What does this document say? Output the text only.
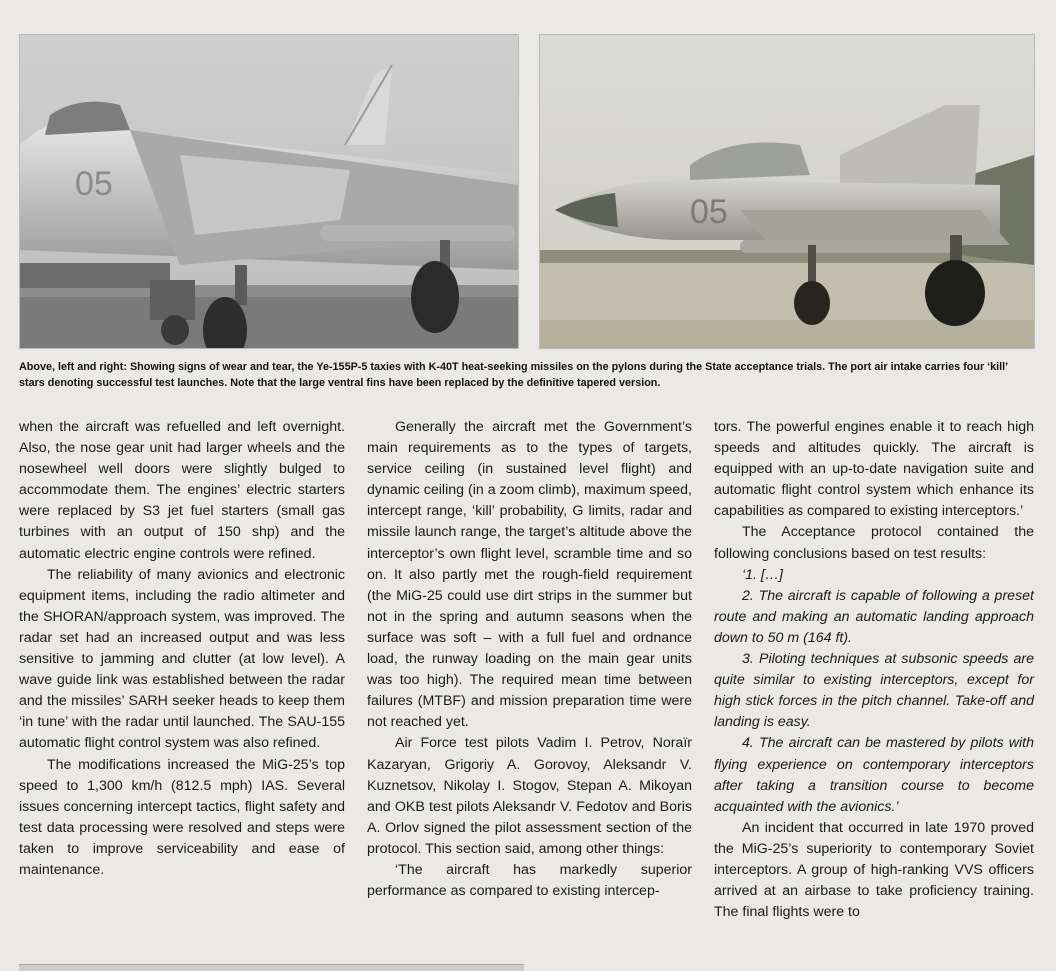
05
05
Above, left and right: Showing signs of wear and tear, the Ye-155P-5 taxies with K-40T heat-seeking missiles on the pylons during the State acceptance trials. The port air intake carries four ‘kill’ stars denoting successful test launches. Note that the large ventral fins have been replaced by the definitive tapered version.

when the aircraft was refuelled and left overnight. Also, the nose gear unit had larger wheels and the nosewheel well doors were slightly bulged to accommodate them. The engines’ electric starters were replaced by S3 jet fuel starters (small gas turbines with an output of 150 shp) and the automatic electric engine controls were refined.

The reliability of many avionics and electronic equipment items, including the radio altimeter and the SHORAN/approach system, was improved. The radar set had an increased output and was less sensitive to jamming and clutter (at low level). A wave guide link was established between the radar and the missiles’ SARH seeker heads to keep them ‘in tune’ with the radar until launched. The SAU-155 automatic flight control system was also refined.

The modifications increased the MiG-25’s top speed to 1,300 km/h (812.5 mph) IAS. Several issues concerning intercept tactics, flight safety and test data processing were resolved and steps were taken to improve serviceability and ease of maintenance.

Generally the aircraft met the Government’s main requirements as to the types of targets, service ceiling (in sustained level flight) and dynamic ceiling (in a zoom climb), maximum speed, intercept range, ‘kill’ probability, G limits, radar and missile launch range, the target’s altitude above the interceptor’s own flight level, scramble time and so on. It also partly met the rough-field requirement (the MiG-25 could use dirt strips in the summer but not in the spring and autumn seasons when the surface was soft – with a full fuel and ordnance load, the runway loading on the main gear units was too high). The required mean time between failures (MTBF) and mission preparation time were not reached yet.

Air Force test pilots Vadim I. Petrov, Noraïr Kazaryan, Grigoriy A. Gorovoy, Aleksandr V. Kuznetsov, Nikolay I. Stogov, Stepan A. Mikoyan and OKB test pilots Aleksandr V. Fedotov and Boris A. Orlov signed the pilot assessment section of the protocol. This section said, among other things:

‘The aircraft has markedly superior performance as compared to existing intercep-

tors. The powerful engines enable it to reach high speeds and altitudes quickly. The aircraft is equipped with an up-to-date navigation suite and automatic flight control system which enhance its capabilities as compared to existing interceptors.’

The Acceptance protocol contained the following conclusions based on test results:

‘1. […]

2. The aircraft is capable of following a preset route and making an automatic landing approach down to 50 m (164 ft).

3. Piloting techniques at subsonic speeds are quite similar to existing interceptors, except for high stick forces in the pitch channel. Take-off and landing is easy.

4. The aircraft can be mastered by pilots with flying experience on contemporary interceptors after taking a transition course to become acquainted with the avionics.’

An incident that occurred in late 1970 proved the MiG-25’s superiority to contemporary Soviet interceptors. A group of high-ranking VVS officers arrived at an airbase to take proficiency training. The final flights were to
